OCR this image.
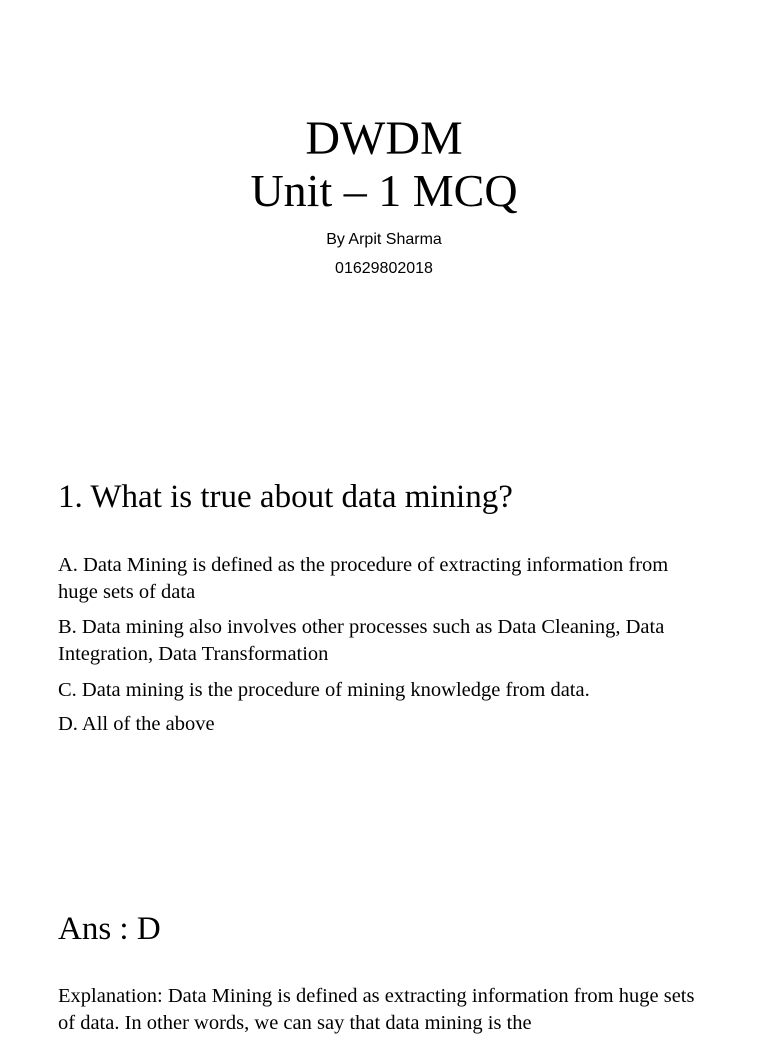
DWDM
Unit – 1 MCQ
By Arpit Sharma
01629802018
1. What is true about data mining?
A. Data Mining is defined as the procedure of extracting information from huge sets of data
B. Data mining also involves other processes such as Data Cleaning, Data Integration, Data Transformation
C. Data mining is the procedure of mining knowledge from data.
D. All of the above
Ans : D
Explanation: Data Mining is defined as extracting information from huge sets of data. In other words, we can say that data mining is the
